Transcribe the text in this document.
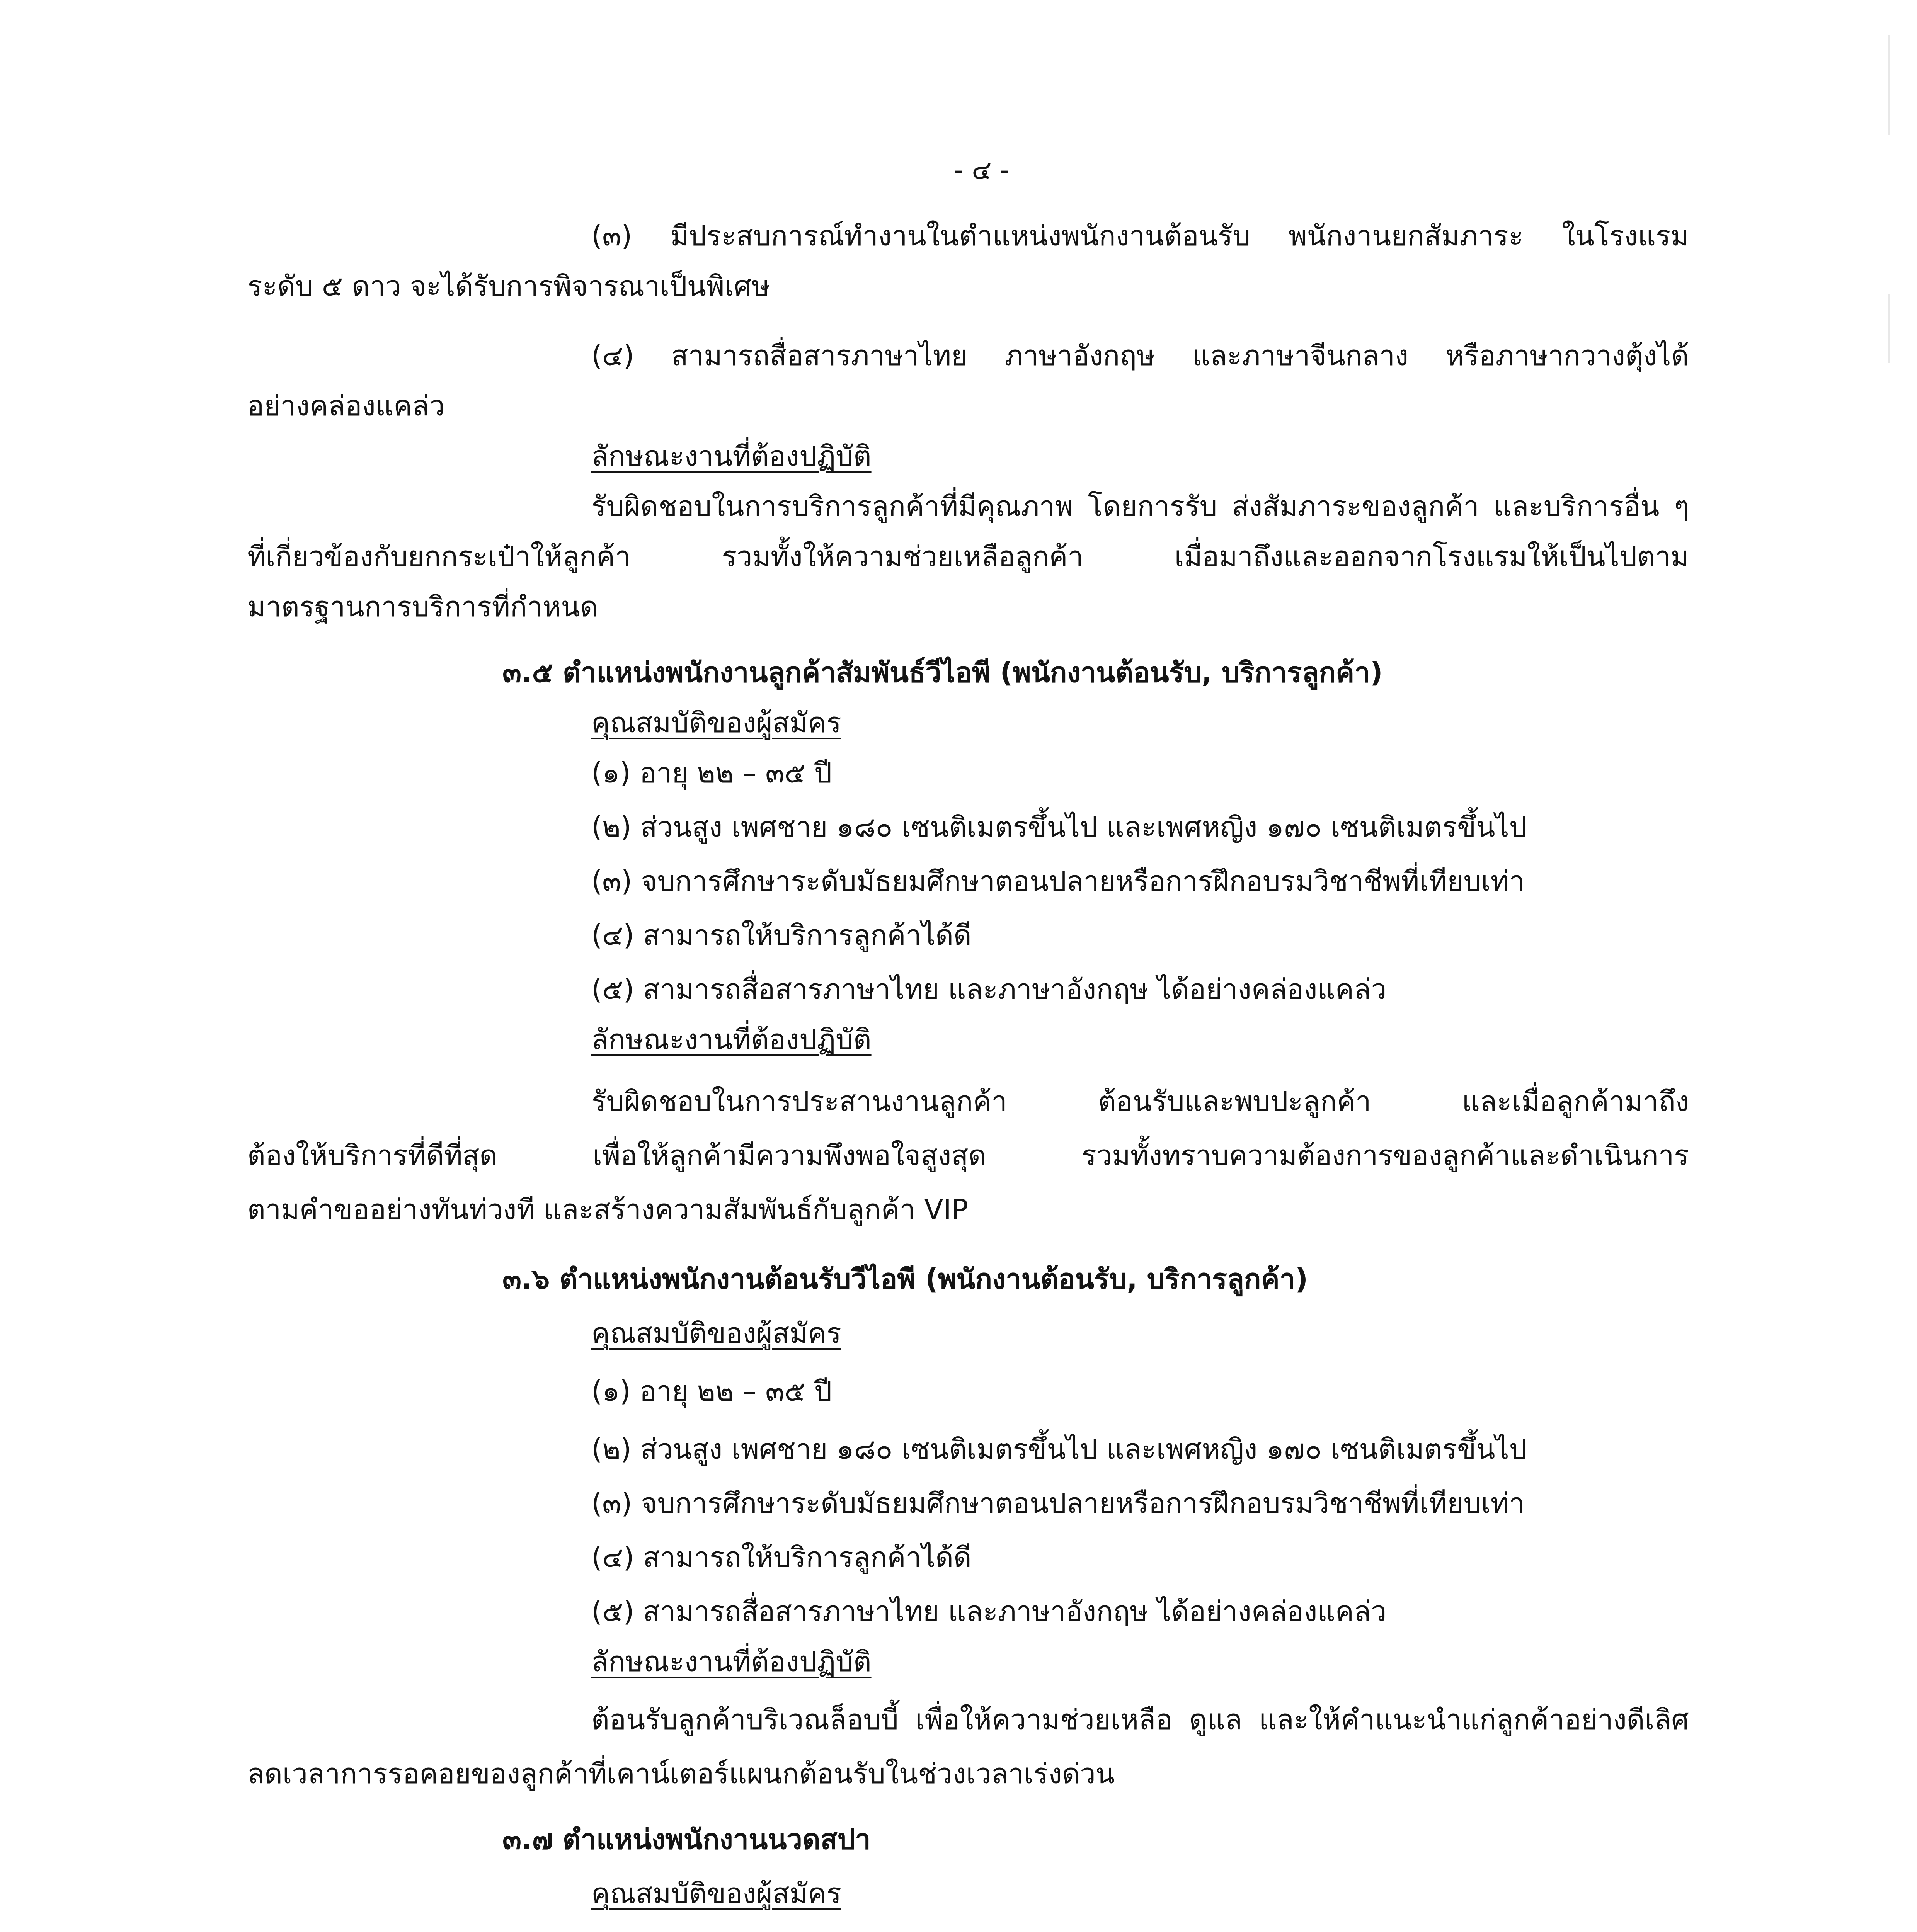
- ๔ -
(๓) มีประสบการณ์ทำงานในตำแหน่งพนักงานต้อนรับ พนักงานยกสัมภาระ ในโรงแรม
ระดับ ๕ ดาว จะได้รับการพิจารณาเป็นพิเศษ
(๔) สามารถสื่อสารภาษาไทย ภาษาอังกฤษ และภาษาจีนกลาง หรือภาษากวางตุ้งได้
อย่างคล่องแคล่ว
ลักษณะงานที่ต้องปฏิบัติ
รับผิดชอบในการบริการลูกค้าที่มีคุณภาพ โดยการรับ ส่งสัมภาระของลูกค้า และบริการอื่น ๆ
ที่เกี่ยวข้องกับยกกระเป๋าให้ลูกค้า รวมทั้งให้ความช่วยเหลือลูกค้า เมื่อมาถึงและออกจากโรงแรมให้เป็นไปตาม
มาตรฐานการบริการที่กำหนด
๓.๕ ตำแหน่งพนักงานลูกค้าสัมพันธ์วีไอพี (พนักงานต้อนรับ, บริการลูกค้า)
คุณสมบัติของผู้สมัคร
(๑) อายุ ๒๒ – ๓๕ ปี
(๒) ส่วนสูง เพศชาย ๑๘๐ เซนติเมตรขึ้นไป และเพศหญิง ๑๗๐ เซนติเมตรขึ้นไป
(๓) จบการศึกษาระดับมัธยมศึกษาตอนปลายหรือการฝึกอบรมวิชาชีพที่เทียบเท่า
(๔) สามารถให้บริการลูกค้าได้ดี
(๕) สามารถสื่อสารภาษาไทย และภาษาอังกฤษ ได้อย่างคล่องแคล่ว
ลักษณะงานที่ต้องปฏิบัติ
รับผิดชอบในการประสานงานลูกค้า ต้อนรับและพบปะลูกค้า และเมื่อลูกค้ามาถึง
ต้องให้บริการที่ดีที่สุด เพื่อให้ลูกค้ามีความพึงพอใจสูงสุด รวมทั้งทราบความต้องการของลูกค้าและดำเนินการ
ตามคำขออย่างทันท่วงที และสร้างความสัมพันธ์กับลูกค้า VIP
๓.๖ ตำแหน่งพนักงานต้อนรับวีไอพี (พนักงานต้อนรับ, บริการลูกค้า)
คุณสมบัติของผู้สมัคร
(๑) อายุ ๒๒ – ๓๕ ปี
(๒) ส่วนสูง เพศชาย ๑๘๐ เซนติเมตรขึ้นไป และเพศหญิง ๑๗๐ เซนติเมตรขึ้นไป
(๓) จบการศึกษาระดับมัธยมศึกษาตอนปลายหรือการฝึกอบรมวิชาชีพที่เทียบเท่า
(๔) สามารถให้บริการลูกค้าได้ดี
(๕) สามารถสื่อสารภาษาไทย และภาษาอังกฤษ ได้อย่างคล่องแคล่ว
ลักษณะงานที่ต้องปฏิบัติ
ต้อนรับลูกค้าบริเวณล็อบบี้ เพื่อให้ความช่วยเหลือ ดูแล และให้คำแนะนำแก่ลูกค้าอย่างดีเลิศ
ลดเวลาการรอคอยของลูกค้าที่เคาน์เตอร์แผนกต้อนรับในช่วงเวลาเร่งด่วน
๓.๗ ตำแหน่งพนักงานนวดสปา
คุณสมบัติของผู้สมัคร
